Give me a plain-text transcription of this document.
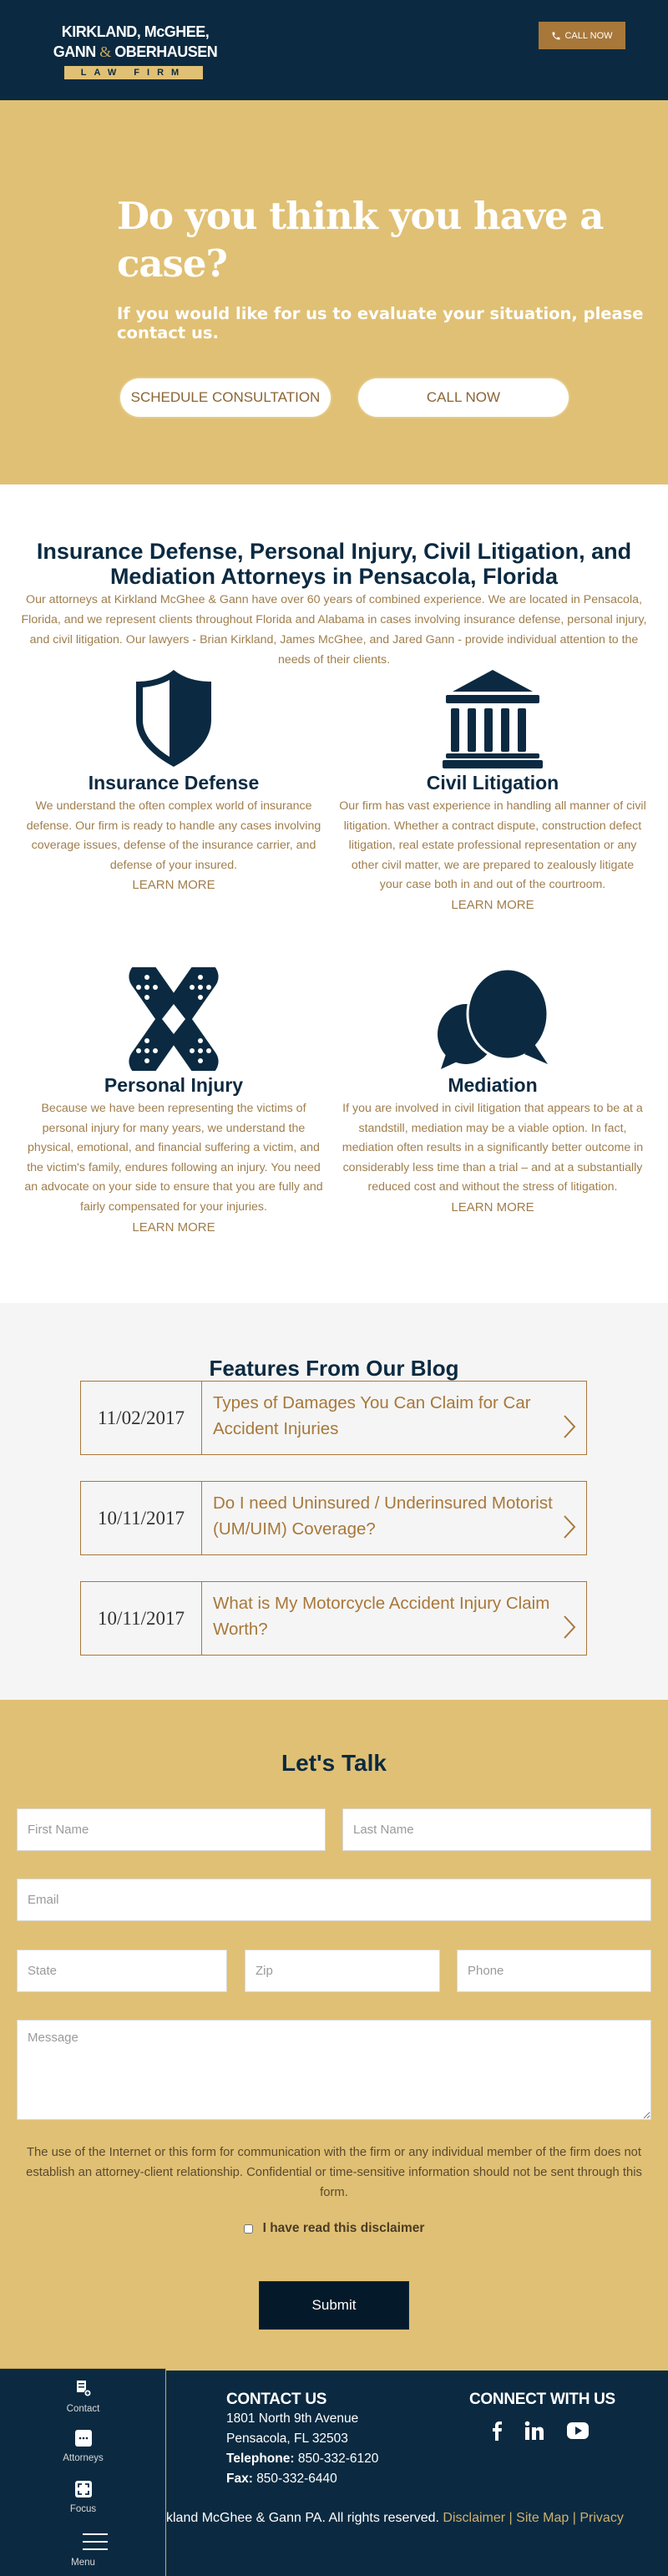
KIRKLAND, McGHEE,
GANN & OBERHAUSEN
LAW FIRM
CALL NOW
Do you think you have a case?
If you would like for us to evaluate your situation, please contact us.
SCHEDULE CONSULTATION	CALL NOW
Insurance Defense, Personal Injury, Civil Litigation, and Mediation Attorneys in Pensacola, Florida
Our attorneys at Kirkland McGhee & Gann have over 60 years of combined experience. We are located in Pensacola, Florida, and we represent clients throughout Florida and Alabama in cases involving insurance defense, personal injury, and civil litigation. Our lawyers - Brian Kirkland, James McGhee, and Jared Gann - provide individual attention to the needs of their clients.
Insurance Defense

We understand the often complex world of insurance defense. Our firm is ready to handle any cases involving coverage issues, defense of the insurance carrier, and defense of your insured.

LEARN MORE
Civil Litigation

Our firm has vast experience in handling all manner of civil litigation. Whether a contract dispute, construction defect litigation, real estate professional representation or any other civil matter, we are prepared to zealously litigate your case both in and out of the courtroom.

LEARN MORE
Personal Injury

Because we have been representing the victims of personal injury for many years, we understand the physical, emotional, and financial suffering a victim, and the victim's family, endures following an injury. You need an advocate on your side to ensure that you are fully and fairly compensated for your injuries.

LEARN MORE
Mediation

If you are involved in civil litigation that appears to be at a standstill, mediation may be a viable option. In fact, mediation often results in a significantly better outcome in considerably less time than a trial – and at a substantially reduced cost and without the stress of litigation.

LEARN MORE
Features From Our Blog
11/02/2017
Types of Damages You Can Claim for Car Accident Injuries
10/11/2017
Do I need Uninsured / Underinsured Motorist (UM/UIM) Coverage?
10/11/2017
What is My Motorcycle Accident Injury Claim Worth?
Let's Talk
First Name
Last Name
Email
State
Zip
Phone
Message
The use of the Internet or this form for communication with the firm or any individual member of the firm does not establish an attorney-client relationship. Confidential or time-sensitive information should not be sent through this form.
I have read this disclaimer
Submit
CONTACT US
1801 North 9th Avenue
Pensacola, FL 32503
Telephone: 850-332-6120
Fax: 850-332-6440
CONNECT WITH US
kland McGhee & Gann PA. All rights reserved. Disclaimer | Site Map | Privacy
Contact
Attorneys
Focus
Menu
